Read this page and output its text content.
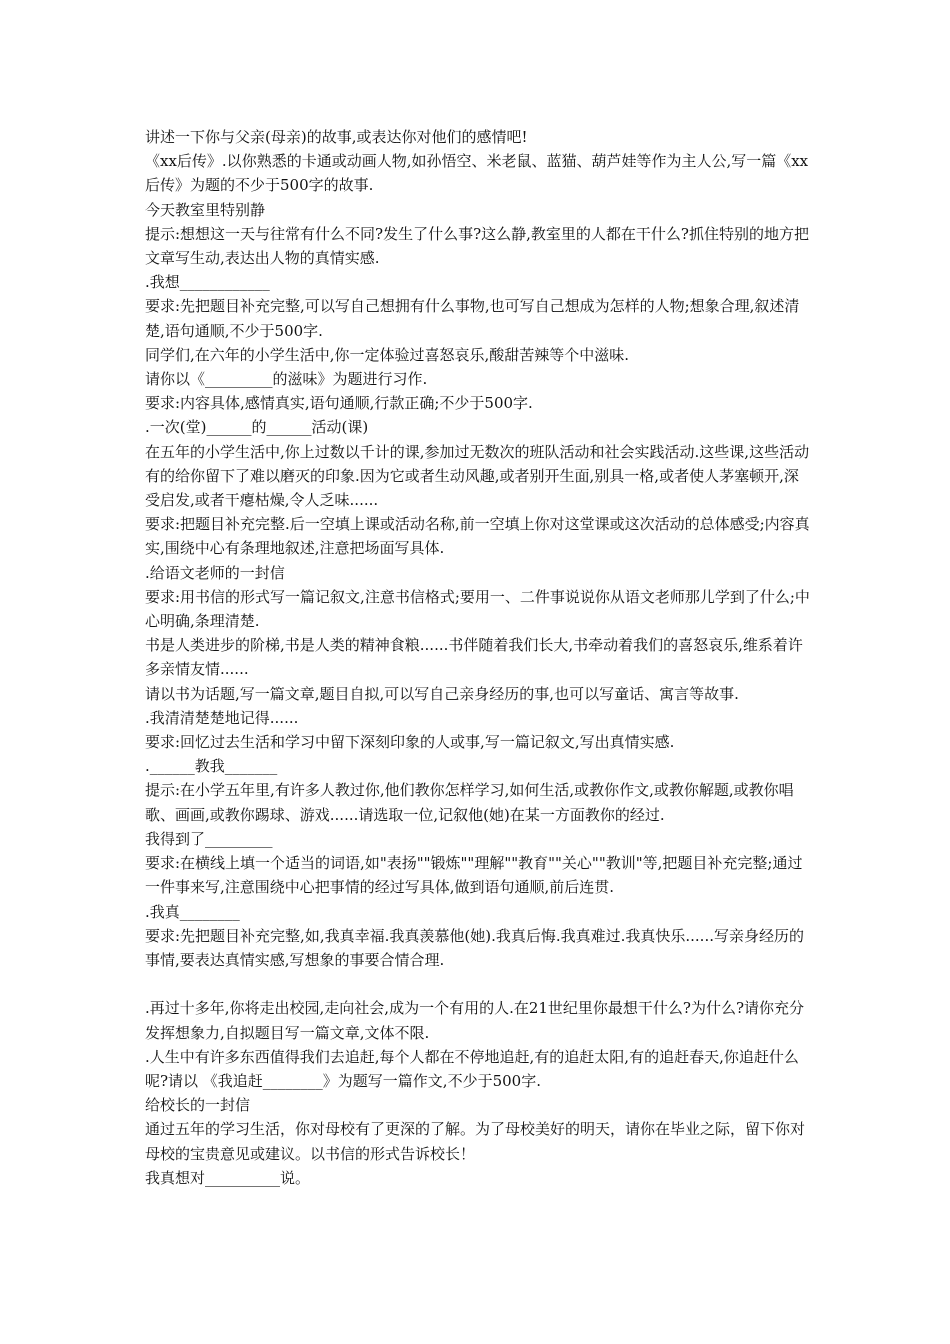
讲述一下你与父亲(母亲)的故事,或表达你对他们的感情吧!

《xx后传》.以你熟悉的卡通或动画人物,如孙悟空、米老鼠、蓝猫、葫芦娃等作为主人公,写一篇《xx后传》为题的不少于500字的故事.

今天教室里特别静

提示:想想这一天与往常有什么不同?发生了什么事?这么静,教室里的人都在干什么?抓住特别的地方把文章写生动,表达出人物的真情实感.

.我想____________

要求:先把题目补充完整,可以写自己想拥有什么事物,也可写自己想成为怎样的人物;想象合理,叙述清楚,语句通顺,不少于500字.

同学们,在六年的小学生活中,你一定体验过喜怒哀乐,酸甜苦辣等个中滋味.

请你以《_________的滋味》为题进行习作.

要求:内容具体,感情真实,语句通顺,行款正确;不少于500字.

.一次(堂)______的______活动(课)

在五年的小学生活中,你上过数以千计的课,参加过无数次的班队活动和社会实践活动.这些课,这些活动有的给你留下了难以磨灭的印象.因为它或者生动风趣,或者别开生面,别具一格,或者使人茅塞顿开,深受启发,或者干瘪枯燥,令人乏味......

要求:把题目补充完整.后一空填上课或活动名称,前一空填上你对这堂课或这次活动的总体感受;内容真实,围绕中心有条理地叙述,注意把场面写具体.

.给语文老师的一封信

要求:用书信的形式写一篇记叙文,注意书信格式;要用一、二件事说说你从语文老师那儿学到了什么;中心明确,条理清楚.

书是人类进步的阶梯,书是人类的精神食粮......书伴随着我们长大,书牵动着我们的喜怒哀乐,维系着许多亲情友情......

请以书为话题,写一篇文章,题目自拟,可以写自己亲身经历的事,也可以写童话、寓言等故事.

.我清清楚楚地记得......

要求:回忆过去生活和学习中留下深刻印象的人或事,写一篇记叙文,写出真情实感.

.______教我_______

提示:在小学五年里,有许多人教过你,他们教你怎样学习,如何生活,或教你作文,或教你解题,或教你唱歌、画画,或教你踢球、游戏......请选取一位,记叙他(她)在某一方面教你的经过.

我得到了_________

要求:在横线上填一个适当的词语,如"表扬""锻炼""理解""教育""关心""教训"等,把题目补充完整;通过一件事来写,注意围绕中心把事情的经过写具体,做到语句通顺,前后连贯.

.我真________

要求:先把题目补充完整,如,我真幸福.我真羡慕他(她).我真后悔.我真难过.我真快乐......写亲身经历的事情,要表达真情实感,写想象的事要合情合理.

.再过十多年,你将走出校园,走向社会,成为一个有用的人.在21世纪里你最想干什么?为什么?请你充分发挥想象力,自拟题目写一篇文章,文体不限.

.人生中有许多东西值得我们去追赶,每个人都在不停地追赶,有的追赶太阳,有的追赶春天,你追赶什么呢?请以 《我追赶________》为题写一篇作文,不少于500字.

给校长的一封信

通过五年的学习生活，你对母校有了更深的了解。为了母校美好的明天，请你在毕业之际，留下你对母校的宝贵意见或建议。以书信的形式告诉校长！

我真想对__________说。
